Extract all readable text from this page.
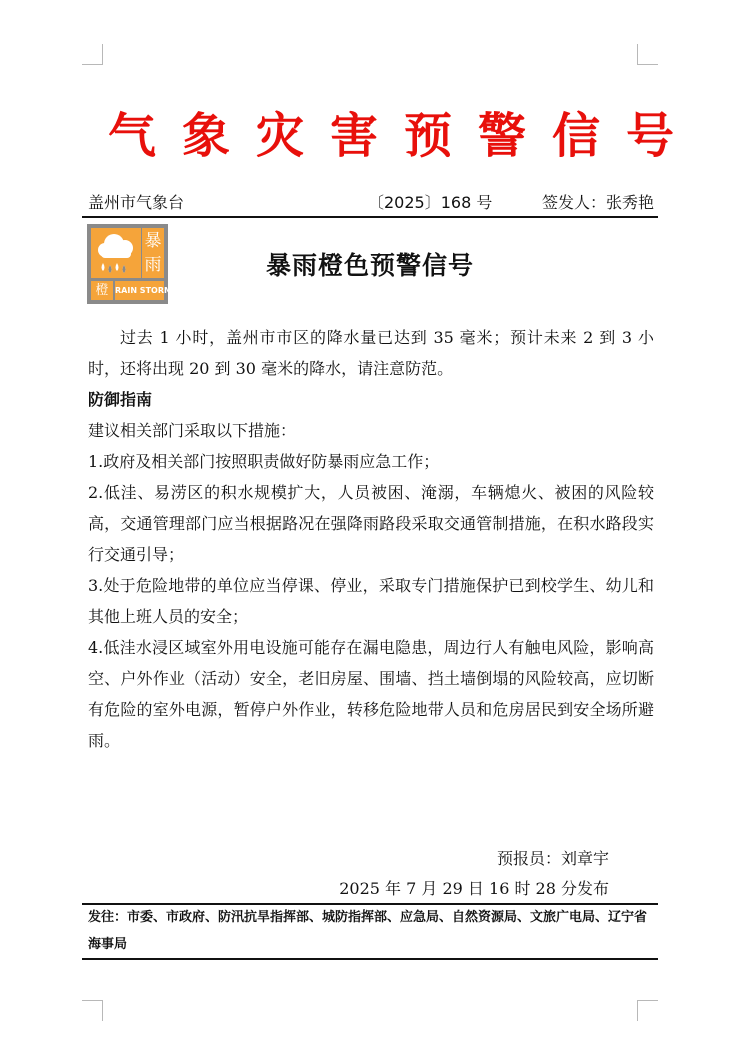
气象灾害预警信号
盖州市气象台	〔2025〕168 号	签发人：张秀艳
暴
雨
橙 RAIN STORM
暴雨橙色预警信号

过去 1 小时，盖州市市区的降水量已达到 35 毫米；预计未来 2 到 3 小时，还将出现 20 到 30 毫米的降水，请注意防范。

防御指南

建议相关部门采取以下措施：

1.政府及相关部门按照职责做好防暴雨应急工作；

2.低洼、易涝区的积水规模扩大，人员被困、淹溺，车辆熄火、被困的风险较高，交通管理部门应当根据路况在强降雨路段采取交通管制措施，在积水路段实行交通引导；

3.处于危险地带的单位应当停课、停业，采取专门措施保护已到校学生、幼儿和其他上班人员的安全；

4.低洼水浸区域室外用电设施可能存在漏电隐患，周边行人有触电风险，影响高空、户外作业（活动）安全，老旧房屋、围墙、挡土墙倒塌的风险较高，应切断有危险的室外电源，暂停户外作业，转移危险地带人员和危房居民到安全场所避雨。

预报员：刘章宇
2025 年 7 月 29 日 16 时 28 分发布
发往：市委、市政府、防汛抗旱指挥部、城防指挥部、应急局、自然资源局、文旅广电局、辽宁省海事局
